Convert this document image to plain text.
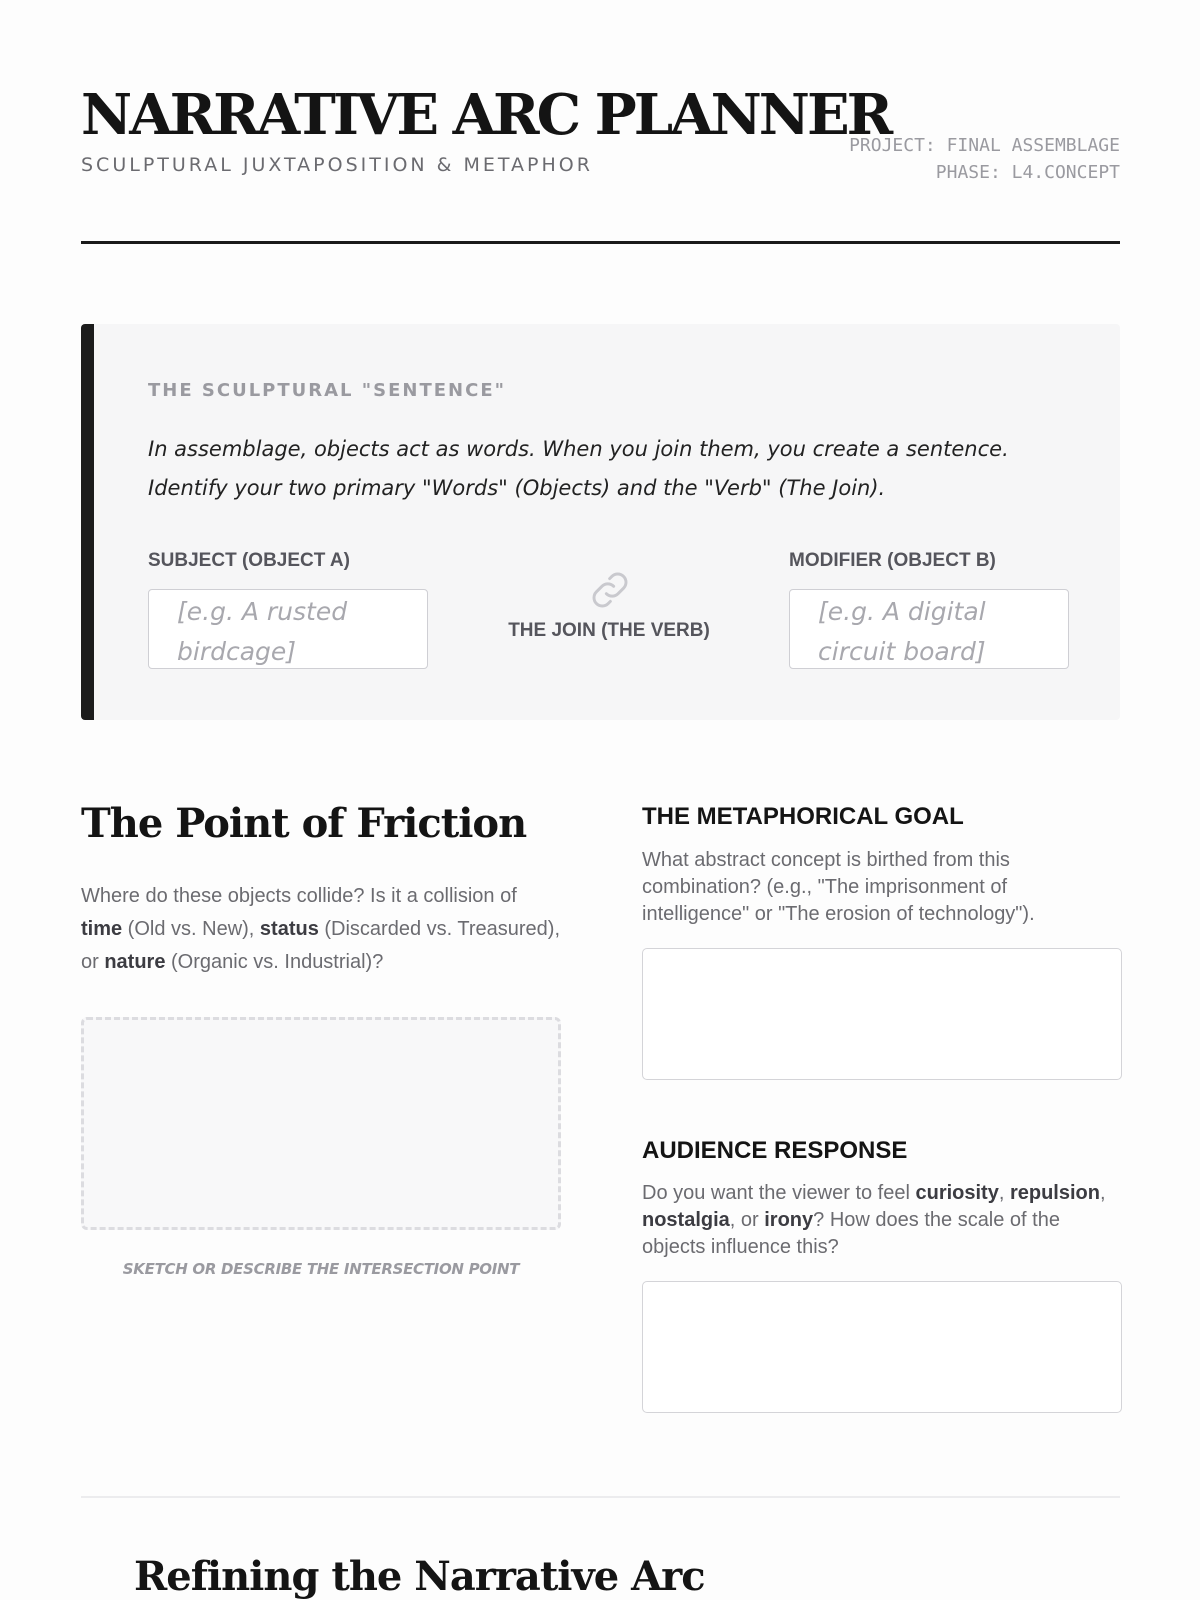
NARRATIVE ARC PLANNER
SCULPTURAL JUXTAPOSITION & METAPHOR
PROJECT: FINAL ASSEMBLAGE
PHASE: L4.CONCEPT
THE SCULPTURAL "SENTENCE"
In assemblage, objects act as words. When you join them, you create a sentence. Identify your two primary "Words" (Objects) and the "Verb" (The Join).
SUBJECT (OBJECT A)
[e.g. A rusted birdcage]
THE JOIN (THE VERB)
MODIFIER (OBJECT B)
[e.g. A digital circuit board]
The Point of Friction
Where do these objects collide? Is it a collision of time (Old vs. New), status (Discarded vs. Treasured), or nature (Organic vs. Industrial)?
SKETCH OR DESCRIBE THE INTERSECTION POINT
THE METAPHORICAL GOAL
What abstract concept is birthed from this combination? (e.g., "The imprisonment of intelligence" or "The erosion of technology").
AUDIENCE RESPONSE
Do you want the viewer to feel curiosity, repulsion, nostalgia, or irony? How does the scale of the objects influence this?
Refining the Narrative Arc
